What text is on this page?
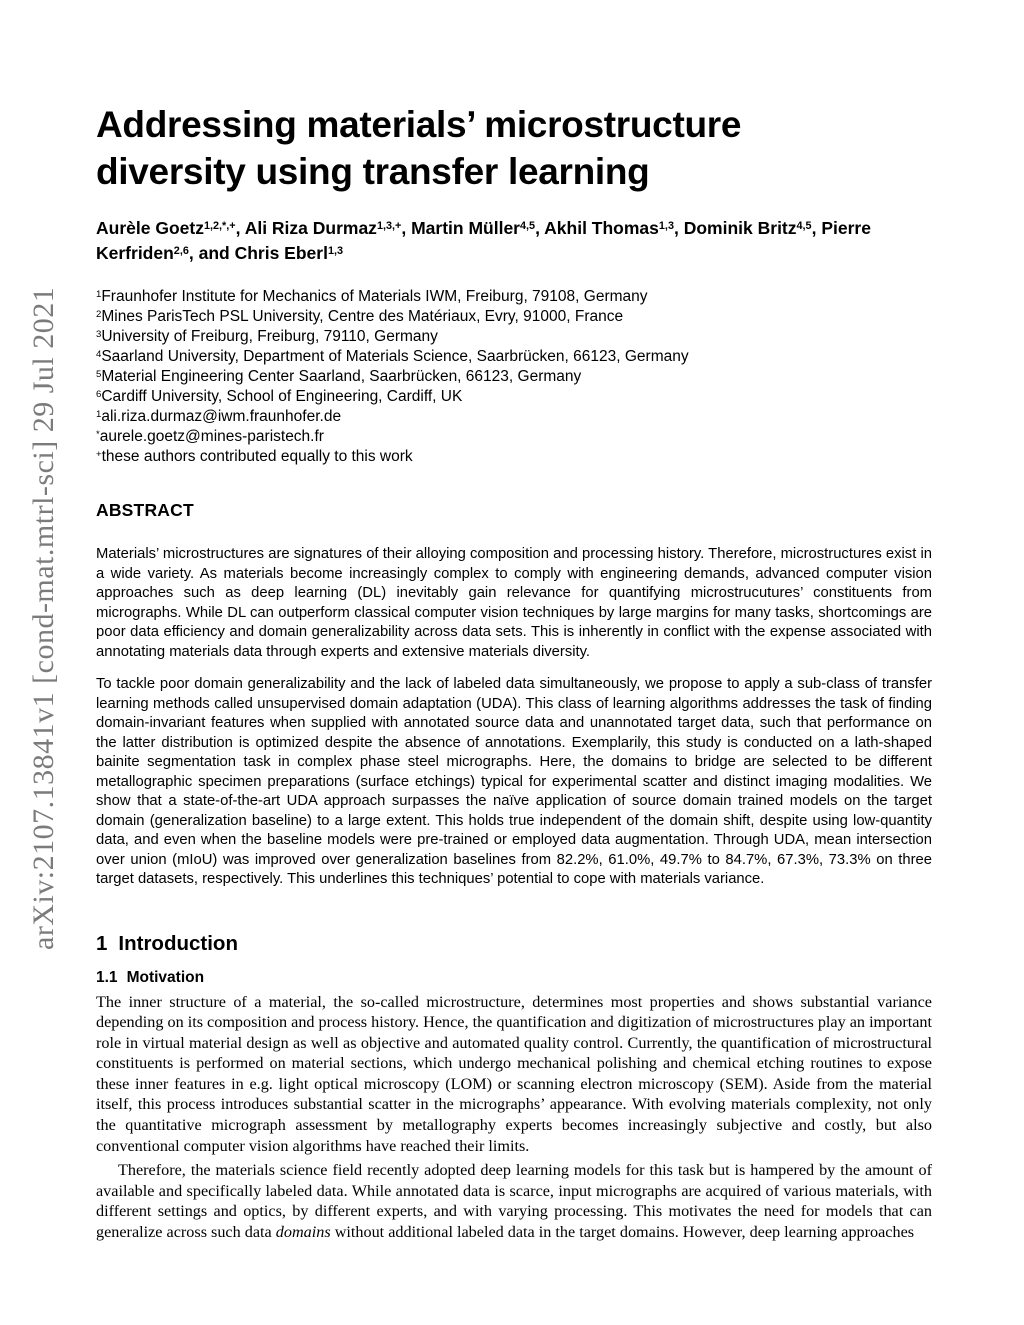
arXiv:2107.13841v1 [cond-mat.mtrl-sci] 29 Jul 2021
Addressing materials’ microstructure diversity using transfer learning
Aurèle Goetz$^{1,2,*,+}$, Ali Riza Durmaz$^{1,3,+}$, Martin Müller$^{4,5}$, Akhil Thomas$^{1,3}$, Dominik Britz$^{4,5}$, Pierre Kerfriden$^{2,6}$, and Chris Eberl$^{1,3}$
$^1$Fraunhofer Institute for Mechanics of Materials IWM, Freiburg, 79108, Germany
$^2$Mines ParisTech PSL University, Centre des Matériaux, Evry, 91000, France
$^3$University of Freiburg, Freiburg, 79110, Germany
$^4$Saarland University, Department of Materials Science, Saarbrücken, 66123, Germany
$^5$Material Engineering Center Saarland, Saarbrücken, 66123, Germany
$^6$Cardiff University, School of Engineering, Cardiff, UK
$^1$ali.riza.durmaz@iwm.fraunhofer.de
*aurele.goetz@mines-paristech.fr
+these authors contributed equally to this work
ABSTRACT

Materials’ microstructures are signatures of their alloying composition and processing history. Therefore, microstructures exist in a wide variety. As materials become increasingly complex to comply with engineering demands, advanced computer vision approaches such as deep learning (DL) inevitably gain relevance for quantifying microstrucutures’ constituents from micrographs. While DL can outperform classical computer vision techniques by large margins for many tasks, shortcomings are poor data efficiency and domain generalizability across data sets. This is inherently in conflict with the expense associated with annotating materials data through experts and extensive materials diversity.

To tackle poor domain generalizability and the lack of labeled data simultaneously, we propose to apply a sub-class of transfer learning methods called unsupervised domain adaptation (UDA). This class of learning algorithms addresses the task of finding domain-invariant features when supplied with annotated source data and unannotated target data, such that performance on the latter distribution is optimized despite the absence of annotations. Exemplarily, this study is conducted on a lath-shaped bainite segmentation task in complex phase steel micrographs. Here, the domains to bridge are selected to be different metallographic specimen preparations (surface etchings) typical for experimental scatter and distinct imaging modalities. We show that a state-of-the-art UDA approach surpasses the naïve application of source domain trained models on the target domain (generalization baseline) to a large extent. This holds true independent of the domain shift, despite using low-quantity data, and even when the baseline models were pre-trained or employed data augmentation. Through UDA, mean intersection over union (mIoU) was improved over generalization baselines from 82.2%, 61.0%, 49.7% to 84.7%, 67.3%, 73.3% on three target datasets, respectively. This underlines this techniques’ potential to cope with materials variance.

1 Introduction
1.1 Motivation

The inner structure of a material, the so-called microstructure, determines most properties and shows substantial variance depending on its composition and process history. Hence, the quantification and digitization of microstructures play an important role in virtual material design as well as objective and automated quality control. Currently, the quantification of microstructural constituents is performed on material sections, which undergo mechanical polishing and chemical etching routines to expose these inner features in e.g. light optical microscopy (LOM) or scanning electron microscopy (SEM). Aside from the material itself, this process introduces substantial scatter in the micrographs’ appearance. With evolving materials complexity, not only the quantitative micrograph assessment by metallography experts becomes increasingly subjective and costly, but also conventional computer vision algorithms have reached their limits.

Therefore, the materials science field recently adopted deep learning models for this task but is hampered by the amount of available and specifically labeled data. While annotated data is scarce, input micrographs are acquired of various materials, with different settings and optics, by different experts, and with varying processing. This motivates the need for models that can generalize across such data domains without additional labeled data in the target domains. However, deep learning approaches
